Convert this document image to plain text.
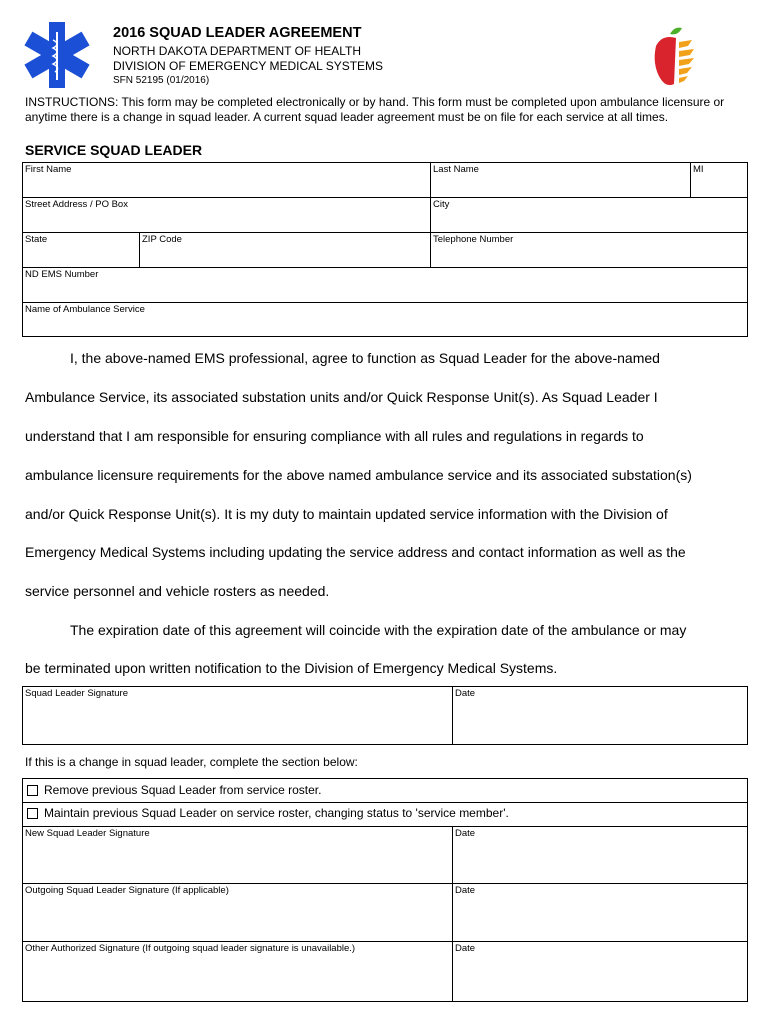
2016 SQUAD LEADER AGREEMENT
NORTH DAKOTA DEPARTMENT OF HEALTH
DIVISION OF EMERGENCY MEDICAL SYSTEMS
SFN 52195 (01/2016)
INSTRUCTIONS: This form may be completed electronically or by hand. This form must be completed upon ambulance licensure or anytime there is a change in squad leader. A current squad leader agreement must be on file for each service at all times.
SERVICE SQUAD LEADER
First Name	Last Name	MI
Street Address / PO Box	City
State	ZIP Code	Telephone Number
ND EMS Number
Name of Ambulance Service
I, the above-named EMS professional, agree to function as Squad Leader for the above-named
Ambulance Service, its associated substation units and/or Quick Response Unit(s). As Squad Leader I
understand that I am responsible for ensuring compliance with all rules and regulations in regards to
ambulance licensure requirements for the above named ambulance service and its associated substation(s)
and/or Quick Response Unit(s). It is my duty to maintain updated service information with the Division of
Emergency Medical Systems including updating the service address and contact information as well as the
service personnel and vehicle rosters as needed.
The expiration date of this agreement will coincide with the expiration date of the ambulance or may
be terminated upon written notification to the Division of Emergency Medical Systems.
Squad Leader Signature	Date
If this is a change in squad leader, complete the section below:
Remove previous Squad Leader from service roster.
Maintain previous Squad Leader on service roster, changing status to 'service member'.
New Squad Leader Signature	Date
Outgoing Squad Leader Signature (If applicable)	Date
Other Authorized Signature (If outgoing squad leader signature is unavailable.)	Date
